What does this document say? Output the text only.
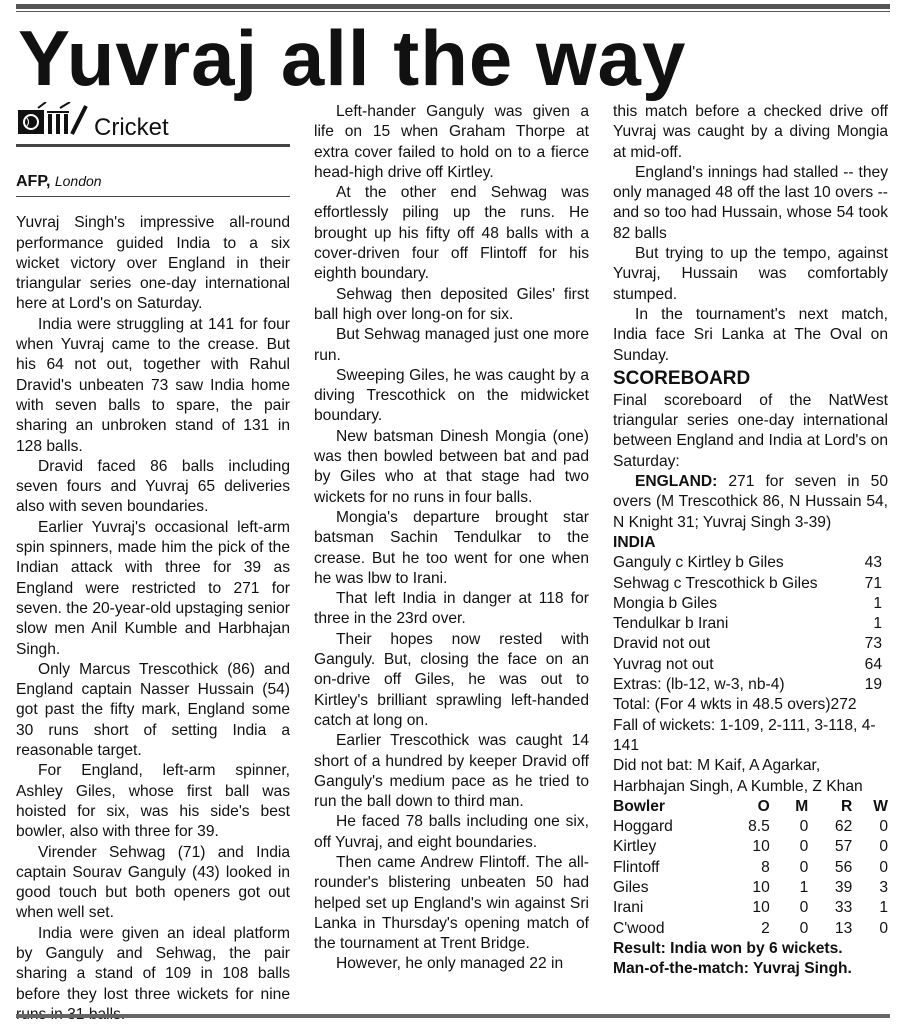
Yuvraj all the way
Cricket
AFP, London

Yuvraj Singh's impressive all-round performance guided India to a six wicket victory over England in their triangular series one-day international here at Lord's on Saturday.

India were struggling at 141 for four when Yuvraj came to the crease. But his 64 not out, together with Rahul Dravid's unbeaten 73 saw India home with seven balls to spare, the pair sharing an unbroken stand of 131 in 128 balls.

Dravid faced 86 balls including seven fours and Yuvraj 65 deliveries also with seven boundaries.

Earlier Yuvraj's occasional left-arm spin spinners, made him the pick of the Indian attack with three for 39 as England were restricted to 271 for seven. the 20-year-old upstaging senior slow men Anil Kumble and Harbhajan Singh.

Only Marcus Trescothick (86) and England captain Nasser Hussain (54) got past the fifty mark, England some 30 runs short of setting India a reasonable target.

For England, left-arm spinner, Ashley Giles, whose first ball was hoisted for six, was his side's best bowler, also with three for 39.

Virender Sehwag (71) and India captain Sourav Ganguly (43) looked in good touch but both openers got out when well set.

India were given an ideal platform by Ganguly and Sehwag, the pair sharing a stand of 109 in 108 balls before they lost three wickets for nine

Left-hander Ganguly was given a life on 15 when Graham Thorpe at extra cover failed to hold on to a fierce head-high drive off Kirtley.

At the other end Sehwag was effortlessly piling up the runs. He brought up his fifty off 48 balls with a cover-driven four off Flintoff for his eighth boundary.

Sehwag then deposited Giles' first ball high over long-on for six.

But Sehwag managed just one more run.

Sweeping Giles, he was caught by a diving Trescothick on the midwicket boundary.

New batsman Dinesh Mongia (one) was then bowled between bat and pad by Giles who at that stage had two wickets for no runs in four balls.

Mongia's departure brought star batsman Sachin Tendulkar to the crease. But he too went for one when he was lbw to Irani.

That left India in danger at 118 for three in the 23rd over.

Their hopes now rested with Ganguly. But, closing the face on an on-drive off Giles, he was out to Kirtley's brilliant sprawling left-handed catch at long on.

Earlier Trescothick was caught 14 short of a hundred by keeper Dravid off Ganguly's medium pace as he tried to run the ball down to third man.

He faced 78 balls including one six, off Yuvraj, and eight boundaries.

Then came Andrew Flintoff. The all-rounder's blistering unbeaten 50 had helped set up England's win against Sri Lanka in Thursday's opening match of the tournament at Trent Bridge.

However, he only managed 22 in

this match before a checked drive off Yuvraj was caught by a diving Mongia at mid-off.

England's innings had stalled -- they only managed 48 off the last 10 overs -- and so too had Hussain, whose 54 took 82 balls

But trying to up the tempo, against Yuvraj, Hussain was comfortably stumped.

In the tournament's next match, India face Sri Lanka at The Oval on Sunday.

SCOREBOARD

Final scoreboard of the NatWest triangular series one-day international between England and India at Lord's on Saturday:

ENGLAND: 271 for seven in 50 overs (M Trescothick 86, N Hussain 54, N Knight 31; Yuvraj Singh 3-39)

INDIA
Ganguly c Kirtley b Giles	43
Sehwag c Trescothick b Giles	71
Mongia b Giles	1
Tendulkar b Irani	1
Dravid not out	73
Yuvrag not out	64
Extras: (lb-12, w-3, nb-4)	19
Total: (For 4 wkts in 48.5 overs)272

Fall of wickets: 1-109, 2-111, 3-118, 4-141

Did not bat: M Kaif, A Agarkar, Harbhajan Singh, A Kumble, Z Khan

Bowler	O	M	R	W
Hoggard	8.5	0	62	0
Kirtley	10	0	57	0
Flintoff	8	0	56	0
Giles	10	1	39	3
Irani	10	0	33	1
C'wood	2	0	13	0
Result: India won by 6 wickets.
Man-of-the-match: Yuvraj Singh.
